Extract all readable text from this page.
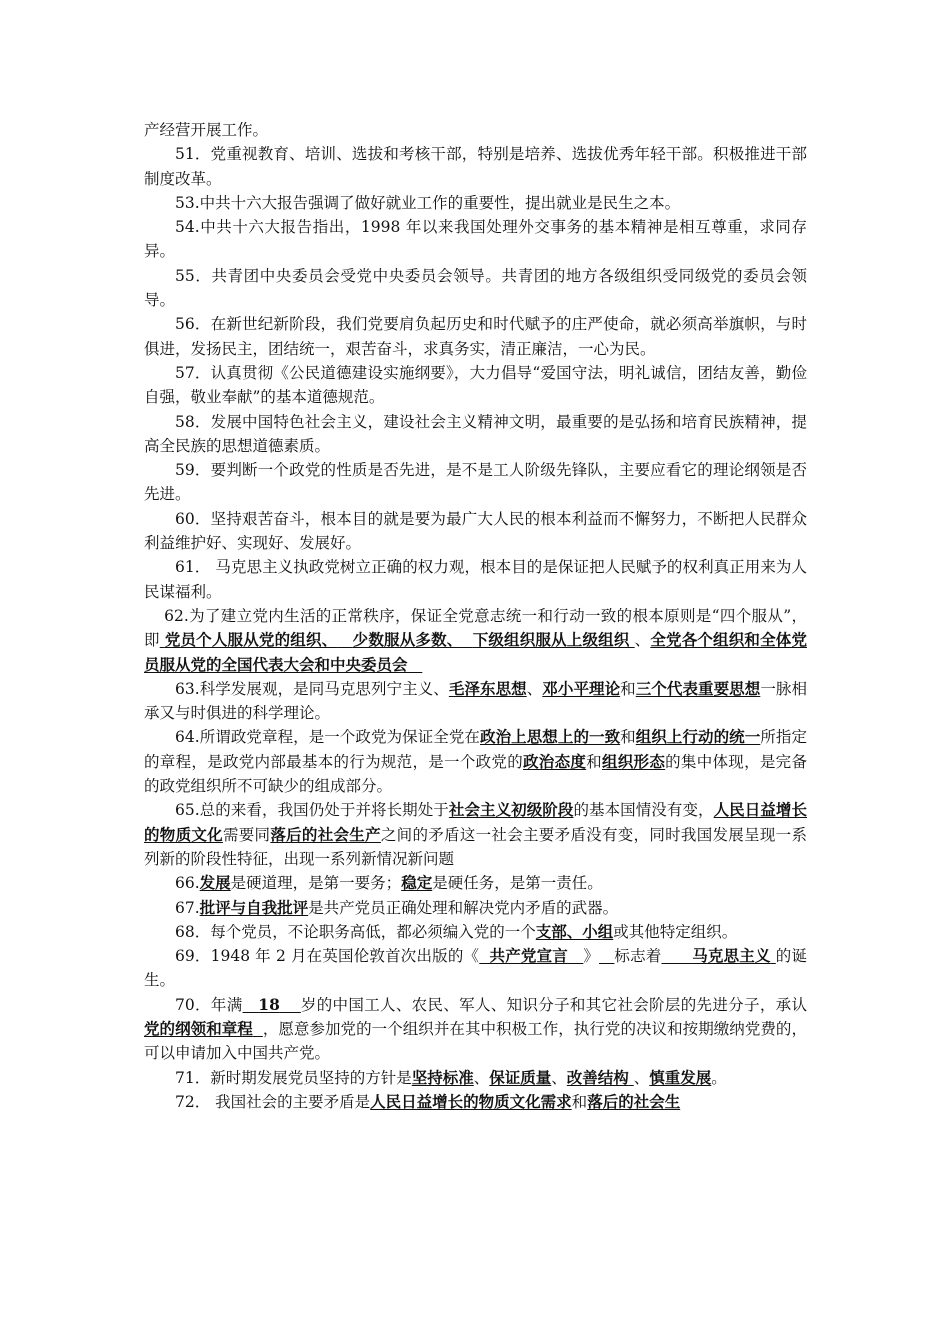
产经营开展工作。

51．党重视教育、培训、选拔和考核干部，特别是培养、选拔优秀年轻干部。积极推进干部制度改革。

53.中共十六大报告强调了做好就业工作的重要性，提出就业是民生之本。

54.中共十六大报告指出，1998 年以来我国处理外交事务的基本精神是相互尊重，求同存异。

55．共青团中央委员会受党中央委员会领导。共青团的地方各级组织受同级党的委员会领导。

56．在新世纪新阶段，我们党要肩负起历史和时代赋予的庄严使命，就必须高举旗帜，与时俱进，发扬民主，团结统一，艰苦奋斗，求真务实，清正廉洁，一心为民。

57．认真贯彻《公民道德建设实施纲要》，大力倡导“爱国守法，明礼诚信，团结友善，勤俭自强，敬业奉献”的基本道德规范。

58．发展中国特色社会主义，建设社会主义精神文明，最重要的是弘扬和培育民族精神，提高全民族的思想道德素质。

59．要判断一个政党的性质是否先进，是不是工人阶级先锋队，主要应看它的理论纲领是否先进。

60．坚持艰苦奋斗，根本目的就是要为最广大人民的根本利益而不懈努力，不断把人民群众利益维护好、实现好、发展好。

61． 马克思主义执政党树立正确的权力观，根本目的是保证把人民赋予的权利真正用来为人民谋福利。

62.为了建立党内生活的正常秩序，保证全党意志统一和行动一致的根本原则是“四个服从”，即 党员个人服从党的组织、 少数服从多数、 下级组织服从上级组织 、全党各个组织和全体党员服从党的全国代表大会和中央委员会

63.科学发展观，是同马克思列宁主义、毛泽东思想、邓小平理论和三个代表重要思想一脉相承又与时俱进的科学理论。

64.所谓政党章程，是一个政党为保证全党在政治上思想上的一致和组织上行动的统一所指定的章程，是政党内部最基本的行为规范，是一个政党的政治态度和组织形态的集中体现，是完备的政党组织所不可缺少的组成部分。

65.总的来看，我国仍处于并将长期处于社会主义初级阶段的基本国情没有变，人民日益增长的物质文化需要同落后的社会生产之间的矛盾这一社会主要矛盾没有变，同时我国发展呈现一系列新的阶段性特征，出现一系列新情况新问题

66.发展是硬道理，是第一要务；稳定是硬任务，是第一责任。

67.批评与自我批评是共产党员正确处理和解决党内矛盾的武器。

68．每个党员，不论职务高低，都必须编入党的一个支部、小组或其他特定组织。

69．1948 年 2 月在英国伦敦首次出版的《 共产党宣言 》 标志着 马克思主义 的诞生。

70．年满 18 岁的中国工人、农民、军人、知识分子和其它社会阶层的先进分子，承认党的纲领和章程 ，愿意参加党的一个组织并在其中积极工作，执行党的决议和按期缴纳党费的，可以申请加入中国共产党。

71．新时期发展党员坚持的方针是坚持标准、保证质量、改善结构 、慎重发展。

72． 我国社会的主要矛盾是人民日益增长的物质文化需求和落后的社会生
